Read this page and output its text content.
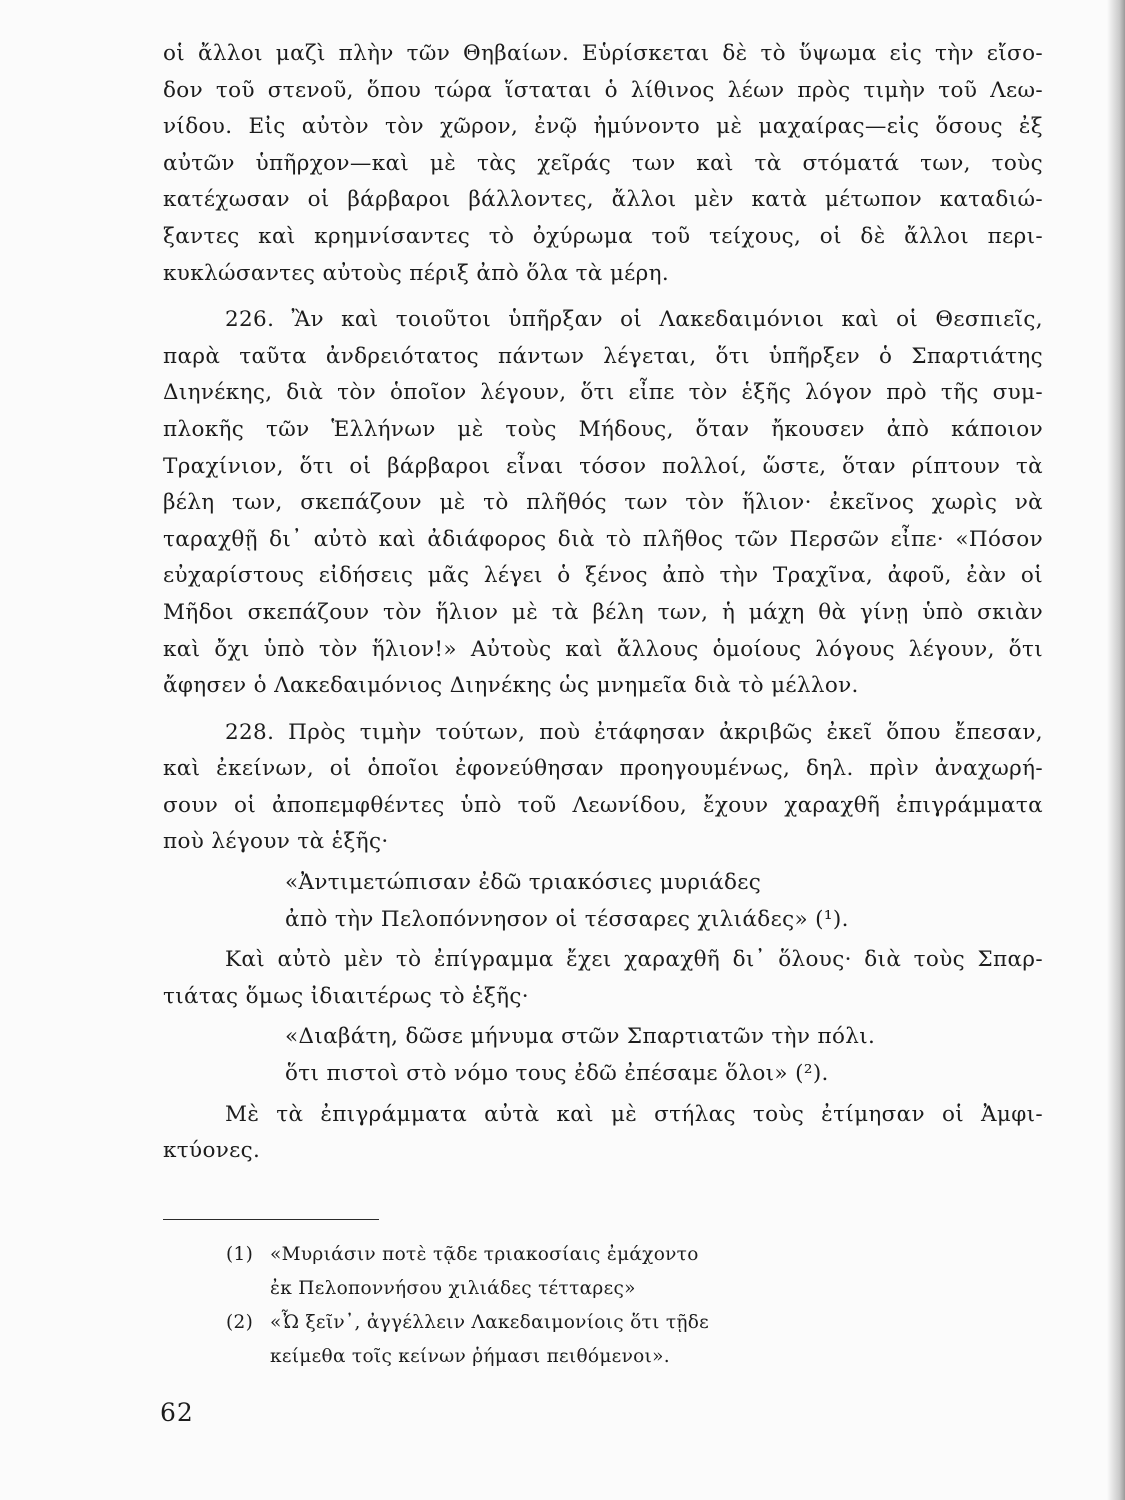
οἱ ἄλλοι μαζὶ πλὴν τῶν Θηβαίων. Εὑρίσκεται δὲ τὸ ὕψωμα εἰς τὴν εἴσο-
δον τοῦ στενοῦ, ὅπου τώρα ἵσταται ὁ λίθινος λέων πρὸς τιμὴν τοῦ Λεω-
νίδου. Εἰς αὐτὸν τὸν χῶρον, ἐνῷ ἠμύνοντο μὲ μαχαίρας—εἰς ὅσους ἐξ
αὐτῶν ὑπῆρχον—καὶ μὲ τὰς χεῖράς των καὶ τὰ στόματά των, τοὺς
κατέχωσαν οἱ βάρβαροι βάλλοντες, ἄλλοι μὲν κατὰ μέτωπον καταδιώ-
ξαντες καὶ κρημνίσαντες τὸ ὀχύρωμα τοῦ τείχους, οἱ δὲ ἄλλοι περι-
κυκλώσαντες αὐτοὺς πέριξ ἀπὸ ὅλα τὰ μέρη.
226. Ἂν καὶ τοιοῦτοι ὑπῆρξαν οἱ Λακεδαιμόνιοι καὶ οἱ Θεσπιεῖς,
παρὰ ταῦτα ἀνδρειότατος πάντων λέγεται, ὅτι ὑπῆρξεν ὁ Σπαρτιάτης
Διηνέκης, διὰ τὸν ὁποῖον λέγουν, ὅτι εἶπε τὸν ἑξῆς λόγον πρὸ τῆς συμ-
πλοκῆς τῶν Ἑλλήνων μὲ τοὺς Μήδους, ὅταν ἤκουσεν ἀπὸ κάποιον
Τραχίνιον, ὅτι οἱ βάρβαροι εἶναι τόσον πολλοί, ὥστε, ὅταν ρίπτουν τὰ
βέλη των, σκεπάζουν μὲ τὸ πλῆθός των τὸν ἥλιον· ἐκεῖνος χωρὶς νὰ
ταραχθῇ δι᾽ αὐτὸ καὶ ἀδιάφορος διὰ τὸ πλῆθος τῶν Περσῶν εἶπε· «Πόσον
εὐχαρίστους εἰδήσεις μᾶς λέγει ὁ ξένος ἀπὸ τὴν Τραχῖνα, ἀφοῦ, ἐὰν οἱ
Μῆδοι σκεπάζουν τὸν ἥλιον μὲ τὰ βέλη των, ἡ μάχη θὰ γίνῃ ὑπὸ σκιὰν
καὶ ὄχι ὑπὸ τὸν ἥλιον!» Αὐτοὺς καὶ ἄλλους ὁμοίους λόγους λέγουν, ὅτι
ἄφησεν ὁ Λακεδαιμόνιος Διηνέκης ὡς μνημεῖα διὰ τὸ μέλλον.
228. Πρὸς τιμὴν τούτων, ποὺ ἐτάφησαν ἀκριβῶς ἐκεῖ ὅπου ἔπεσαν,
καὶ ἐκείνων, οἱ ὁποῖοι ἐφονεύθησαν προηγουμένως, δηλ. πρὶν ἀναχωρή-
σουν οἱ ἀποπεμφθέντες ὑπὸ τοῦ Λεωνίδου, ἔχουν χαραχθῆ ἐπιγράμματα
ποὺ λέγουν τὰ ἑξῆς·
«Ἀντιμετώπισαν ἐδῶ τριακόσιες μυριάδες
ἀπὸ τὴν Πελοπόννησον οἱ τέσσαρες χιλιάδες» (¹).
Καὶ αὐτὸ μὲν τὸ ἐπίγραμμα ἔχει χαραχθῆ δι᾽ ὅλους· διὰ τοὺς Σπαρ-
τιάτας ὅμως ἰδιαιτέρως τὸ ἑξῆς·
«Διαβάτη, δῶσε μήνυμα στῶν Σπαρτιατῶν τὴν πόλι.
ὅτι πιστοὶ στὸ νόμο τους ἐδῶ ἐπέσαμε ὅλοι» (²).
Μὲ τὰ ἐπιγράμματα αὐτὰ καὶ μὲ στήλας τοὺς ἐτίμησαν οἱ Ἀμφι-
κτύονες.
(1) «Μυριάσιν ποτὲ τᾷδε τριακοσίαις ἐμάχοντο
ἐκ Πελοποννήσου χιλιάδες τέτταρες»
(2) «Ὦ ξεῖν᾽, ἀγγέλλειν Λακεδαιμονίοις ὅτι τῇδε
κείμεθα τοῖς κείνων ῥήμασι πειθόμενοι».
62
